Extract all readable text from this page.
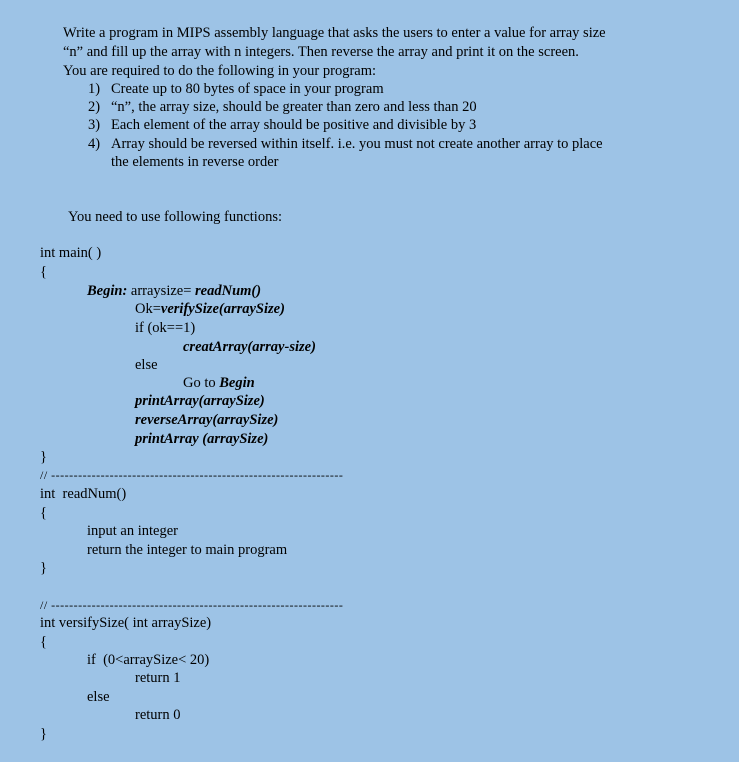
Write a program in MIPS assembly language that asks the users to enter a value for array size
“n” and fill up the array with n integers. Then reverse the array and print it on the screen.
You are required to do the following in your program:
1) Create up to 80 bytes of space in your program
2) “n”, the array size, should be greater than zero and less than 20
3) Each element of the array should be positive and divisible by 3
4) Array should be reversed within itself. i.e. you must not create another array to place
the elements in reverse order
You need to use following functions:
int main( )
{
Begin: arraysize= readNum()
Ok=verifySize(arraySize)
if (ok==1)
creatArray(array-size)
else
Go to Begin
printArray(arraySize)
reverseArray(arraySize)
printArray (arraySize)
}
// -----------------------------------------------------------------
int  readNum()
{
input an integer
return the integer to main program
}
// -----------------------------------------------------------------
int versifySize( int arraySize)
{
if  (0<arraySize< 20)
return 1
else
return 0
}
